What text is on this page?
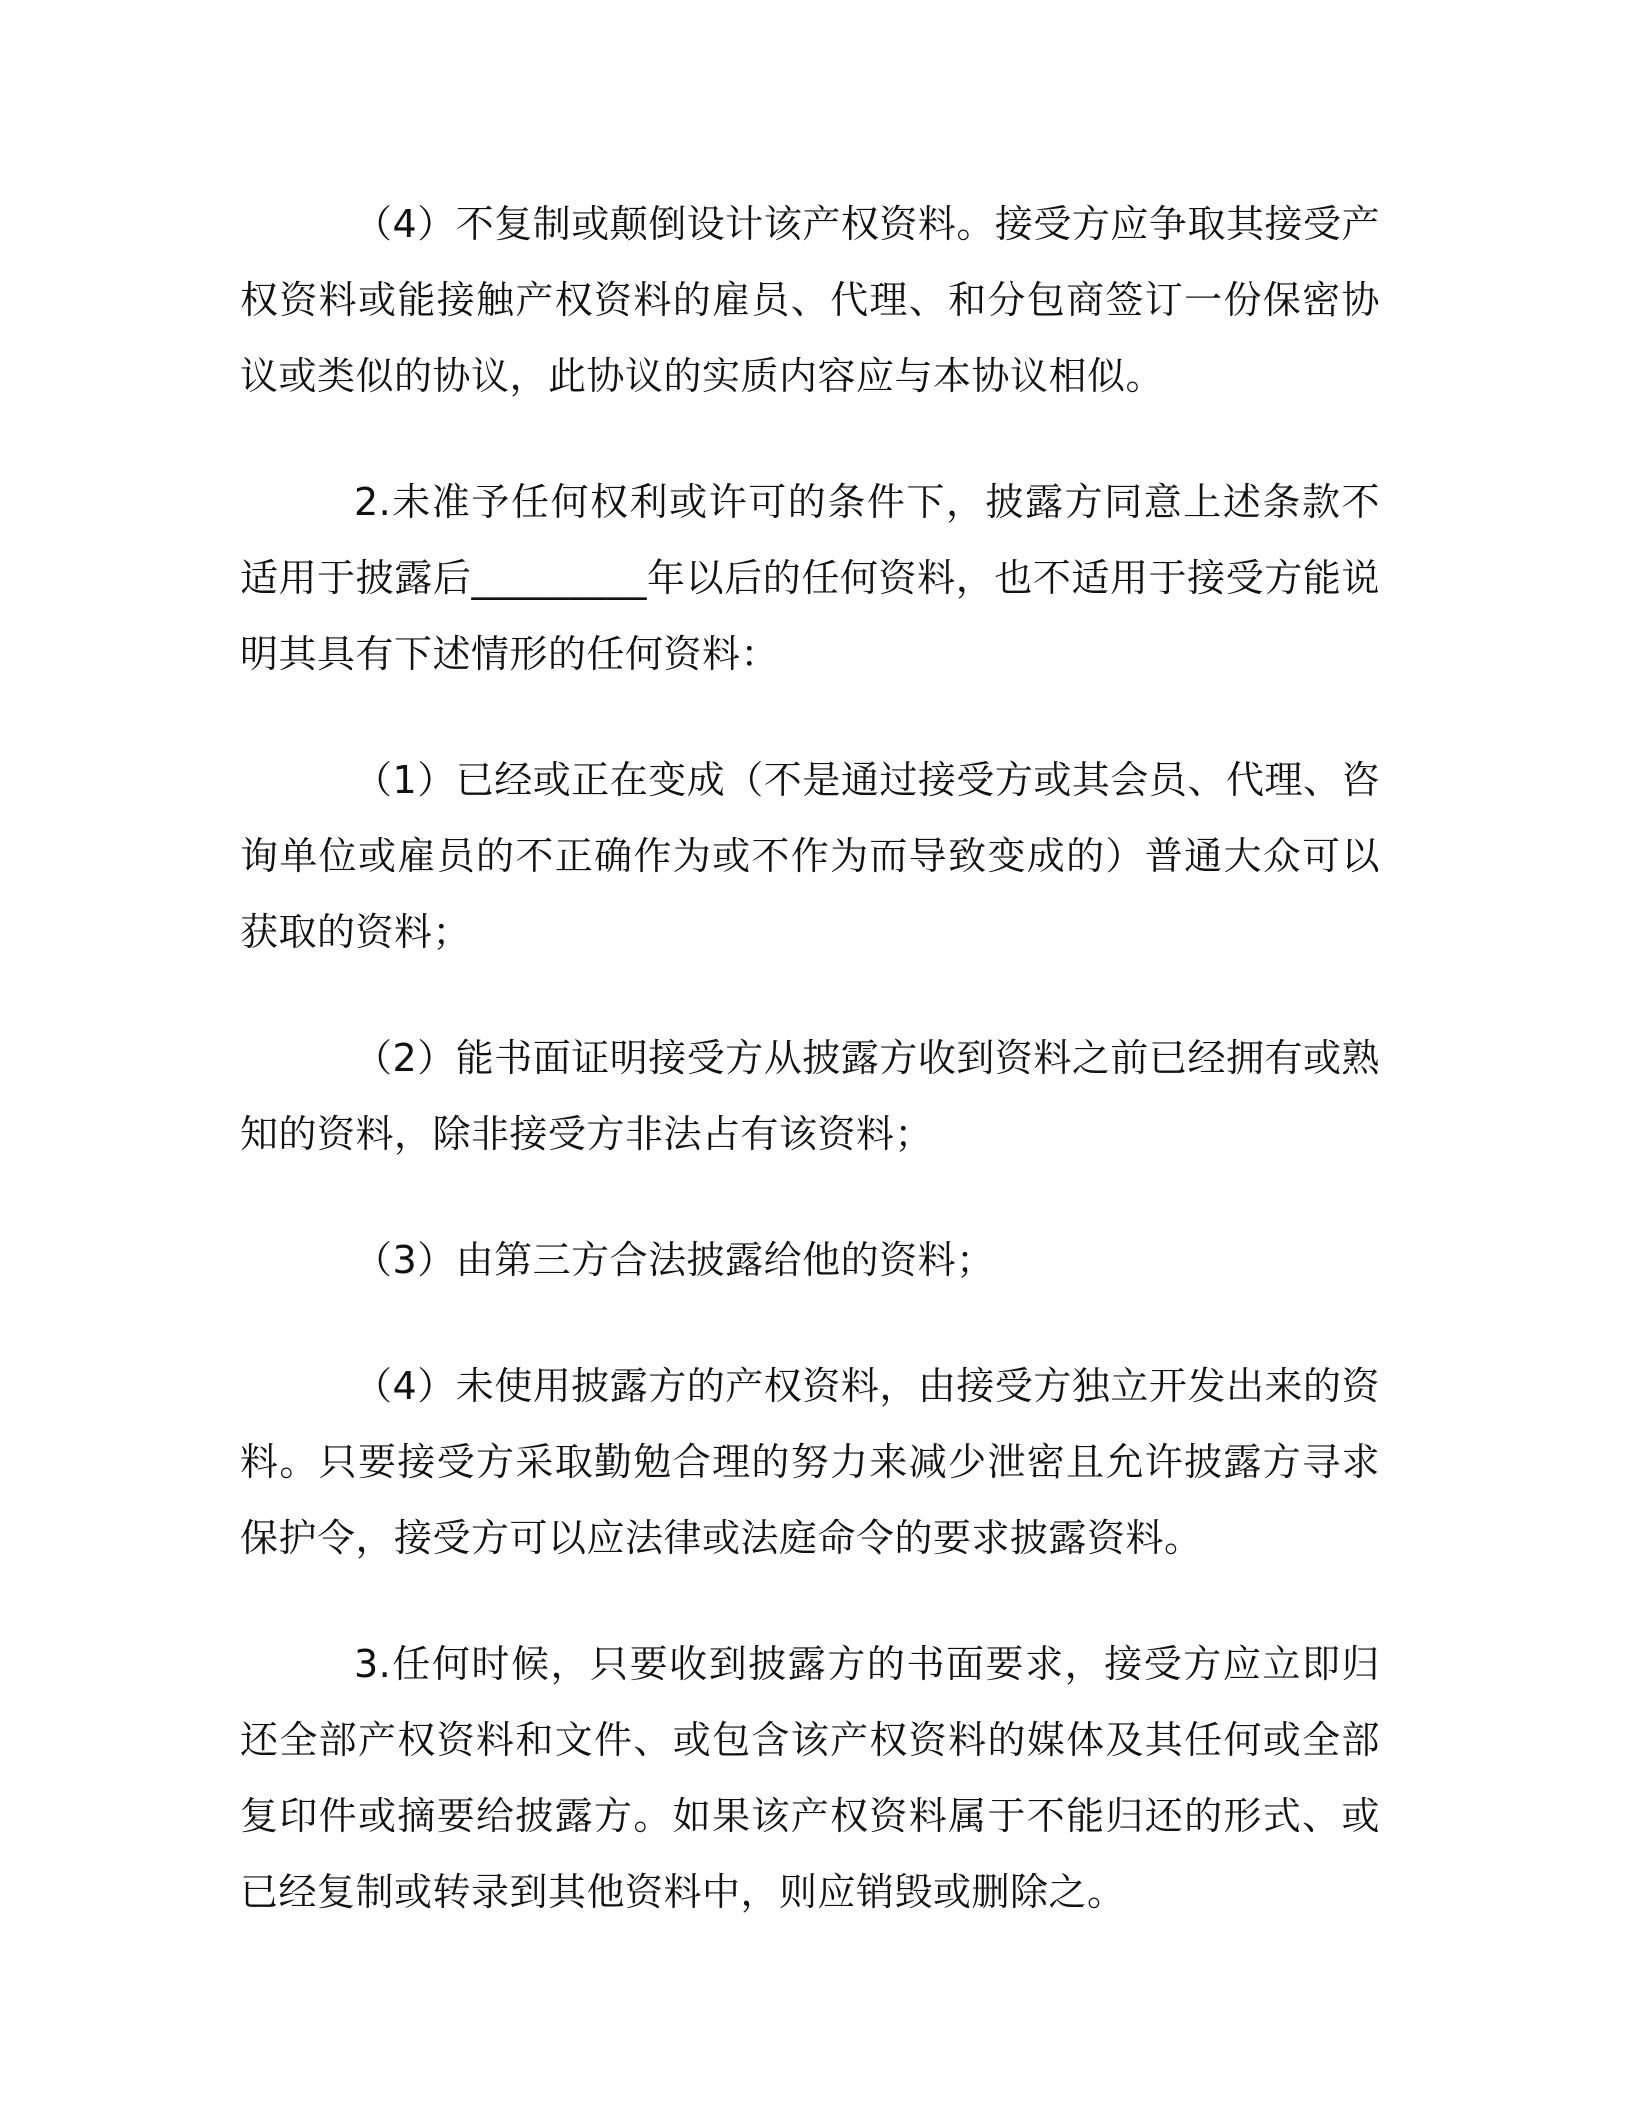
（4）不复制或颠倒设计该产权资料。接受方应争取其接受产权资料或能接触产权资料的雇员、代理、和分包商签订一份保密协议或类似的协议，此协议的实质内容应与本协议相似。

2.未准予任何权利或许可的条件下，披露方同意上述条款不适用于披露后_________年以后的任何资料，也不适用于接受方能说明其具有下述情形的任何资料：

（1）已经或正在变成（不是通过接受方或其会员、代理、咨询单位或雇员的不正确作为或不作为而导致变成的）普通大众可以获取的资料；

（2）能书面证明接受方从披露方收到资料之前已经拥有或熟知的资料，除非接受方非法占有该资料；

（3）由第三方合法披露给他的资料；

（4）未使用披露方的产权资料，由接受方独立开发出来的资料。只要接受方采取勤勉合理的努力来减少泄密且允许披露方寻求保护令，接受方可以应法律或法庭命令的要求披露资料。

3.任何时候，只要收到披露方的书面要求，接受方应立即归还全部产权资料和文件、或包含该产权资料的媒体及其任何或全部复印件或摘要给披露方。如果该产权资料属于不能归还的形式、或已经复制或转录到其他资料中，则应销毁或删除之。
